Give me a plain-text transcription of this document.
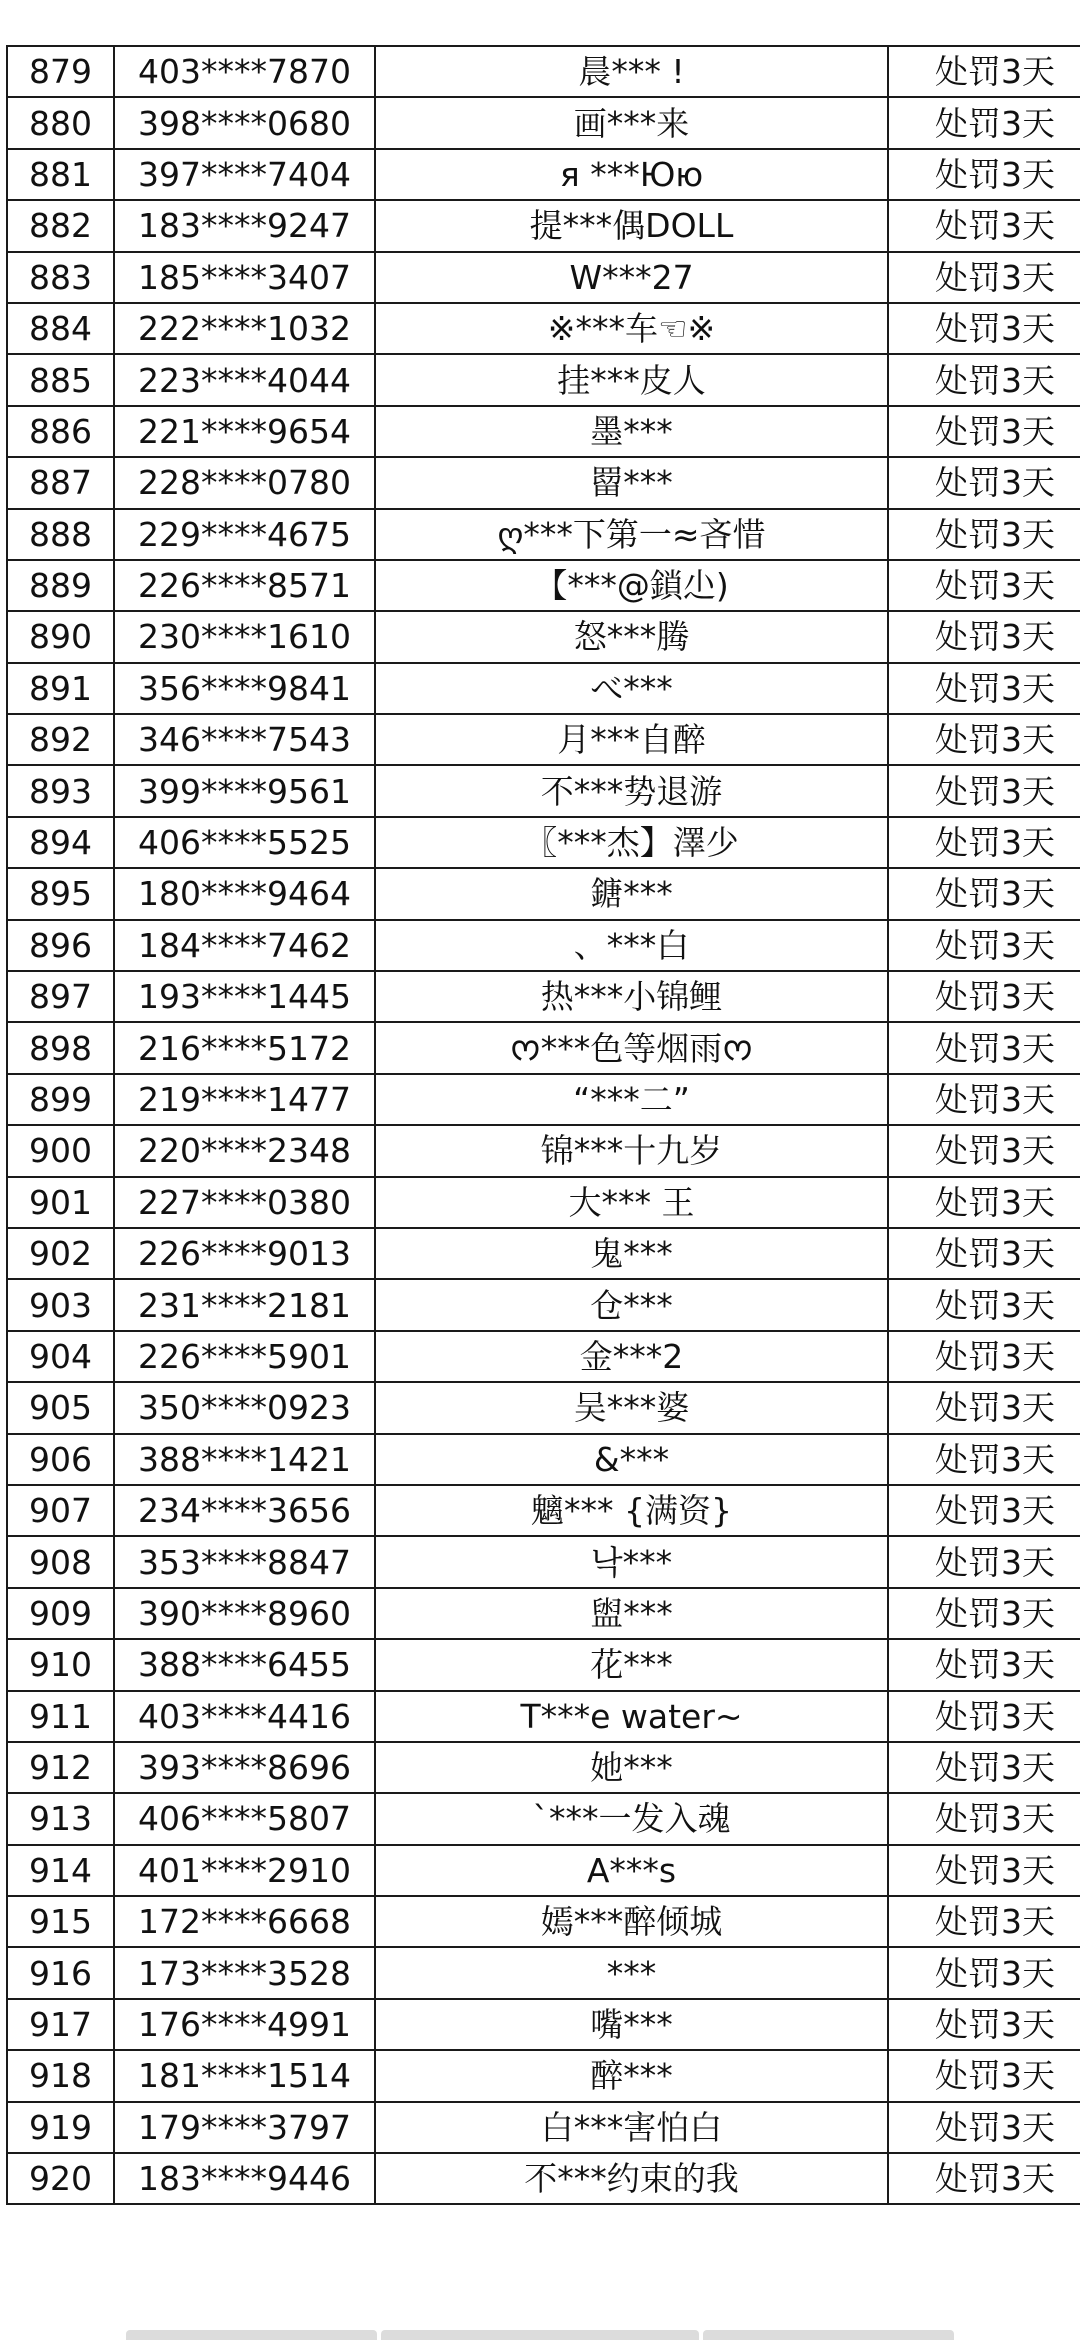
879	403****7870	晨*** !	处罚3天
880	398****0680	画***来	处罚3天
881	397****7404	я ***Юю	处罚3天
882	183****9247	提***偶DOLL	处罚3天
883	185****3407	W***27	处罚3天
884	222****1032	※***车☜※	处罚3天
885	223****4044	挂***皮人	处罚3天
886	221****9654	墨***	处罚3天
887	228****0780	罶***	处罚3天
888	229****4675	ღ***下第一≈吝惜	处罚3天
889	226****8571	【***@鎖尐)	处罚3天
890	230****1610	怒***腾	处罚3天
891	356****9841	べ***	处罚3天
892	346****7543	月***自醉	处罚3天
893	399****9561	不***势退游	处罚3天
894	406****5525	〖***杰】澤少	处罚3天
895	180****9464	鎕***	处罚3天
896	184****7462	、***白	处罚3天
897	193****1445	热***小锦鲤	处罚3天
898	216****5172	ᰔ***色等烟雨ᰔ	处罚3天
899	219****1477	“***二”	处罚3天
900	220****2348	锦***十九岁	处罚3天
901	227****0380	大*** 王	处罚3天
902	226****9013	鬼***	处罚3天
903	231****2181	仓***	处罚3天
904	226****5901	金***2	处罚3天
905	350****0923	吴***婆	处罚3天
906	388****1421	&***	处罚3天
907	234****3656	魑*** {满资}	处罚3天
908	353****8847	낙***	处罚3天
909	390****8960	盥***	处罚3天
910	388****6455	花***	处罚3天
911	403****4416	T***e water~	处罚3天
912	393****8696	她***	处罚3天
913	406****5807	`***一发入魂	处罚3天
914	401****2910	A***s	处罚3天
915	172****6668	嫣***醉倾城	处罚3天
916	173****3528	***	处罚3天
917	176****4991	嘴***	处罚3天
918	181****1514	醉***	处罚3天
919	179****3797	白***害怕白	处罚3天
920	183****9446	不***约束的我	处罚3天
